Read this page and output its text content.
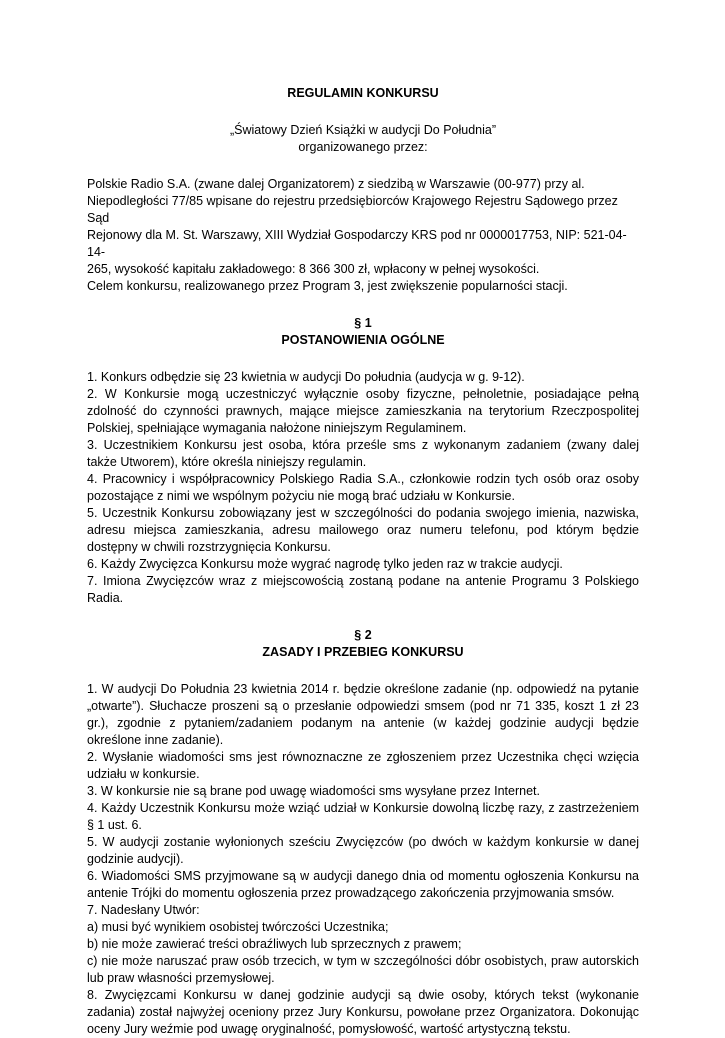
REGULAMIN KONKURSU

„Światowy Dzień Książki w audycji Do Południa”

organizowanego przez:

Polskie Radio S.A. (zwane dalej Organizatorem) z siedzibą w Warszawie (00-977) przy al.

Niepodległości 77/85 wpisane do rejestru przedsiębiorców Krajowego Rejestru Sądowego przez Sąd

Rejonowy dla M. St. Warszawy, XIII Wydział Gospodarczy KRS pod nr 0000017753, NIP: 521-04-14-

265, wysokość kapitału zakładowego: 8 366 300 zł, wpłacony w pełnej wysokości.

Celem konkursu, realizowanego przez Program 3, jest zwiększenie popularności stacji.

§ 1

POSTANOWIENIA OGÓLNE

1. Konkurs odbędzie się 23 kwietnia w audycji Do południa (audycja w g. 9-12).

2. W Konkursie mogą uczestniczyć wyłącznie osoby fizyczne, pełnoletnie, posiadające pełną zdolność do czynności prawnych, mające miejsce zamieszkania na terytorium Rzeczpospolitej Polskiej, spełniające wymagania nałożone niniejszym Regulaminem.

3. Uczestnikiem Konkursu jest osoba, która prześle sms z wykonanym zadaniem (zwany dalej także Utworem), które określa niniejszy regulamin.

4. Pracownicy i współpracownicy Polskiego Radia S.A., członkowie rodzin tych osób oraz osoby pozostające z nimi we wspólnym pożyciu nie mogą brać udziału w Konkursie.

5. Uczestnik Konkursu zobowiązany jest w szczególności do podania swojego imienia, nazwiska, adresu miejsca zamieszkania, adresu mailowego oraz numeru telefonu, pod którym będzie dostępny w chwili rozstrzygnięcia Konkursu.

6. Każdy Zwycięzca Konkursu może wygrać nagrodę tylko jeden raz w trakcie audycji.

7. Imiona Zwycięzców wraz z miejscowością zostaną podane na antenie Programu 3 Polskiego Radia.

§ 2

ZASADY I PRZEBIEG KONKURSU

1. W audycji Do Południa 23 kwietnia 2014 r. będzie określone zadanie (np. odpowiedź na pytanie „otwarte”). Słuchacze proszeni są o przesłanie odpowiedzi smsem (pod nr 71 335, koszt 1 zł 23 gr.), zgodnie z pytaniem/zadaniem podanym na antenie (w każdej godzinie audycji będzie określone inne zadanie).

2. Wysłanie wiadomości sms jest równoznaczne ze zgłoszeniem przez Uczestnika chęci wzięcia udziału w konkursie.

3. W konkursie nie są brane pod uwagę wiadomości sms wysyłane przez Internet.

4. Każdy Uczestnik Konkursu może wziąć udział w Konkursie dowolną liczbę razy, z zastrzeżeniem § 1 ust. 6.

5. W audycji zostanie wyłonionych sześciu Zwycięzców (po dwóch w każdym konkursie w danej godzinie audycji).

6. Wiadomości SMS przyjmowane są w audycji danego dnia od momentu ogłoszenia Konkursu na antenie Trójki do momentu ogłoszenia przez prowadzącego zakończenia przyjmowania smsów.

7. Nadesłany Utwór:

a) musi być wynikiem osobistej twórczości Uczestnika;

b) nie może zawierać treści obraźliwych lub sprzecznych z prawem;

c) nie może naruszać praw osób trzecich, w tym w szczególności dóbr osobistych, praw autorskich lub praw własności przemysłowej.

8. Zwycięzcami Konkursu w danej godzinie audycji są dwie osoby, których tekst (wykonanie zadania) został najwyżej oceniony przez Jury Konkursu, powołane przez Organizatora. Dokonując oceny Jury weźmie pod uwagę oryginalność, pomysłowość, wartość artystyczną tekstu.
